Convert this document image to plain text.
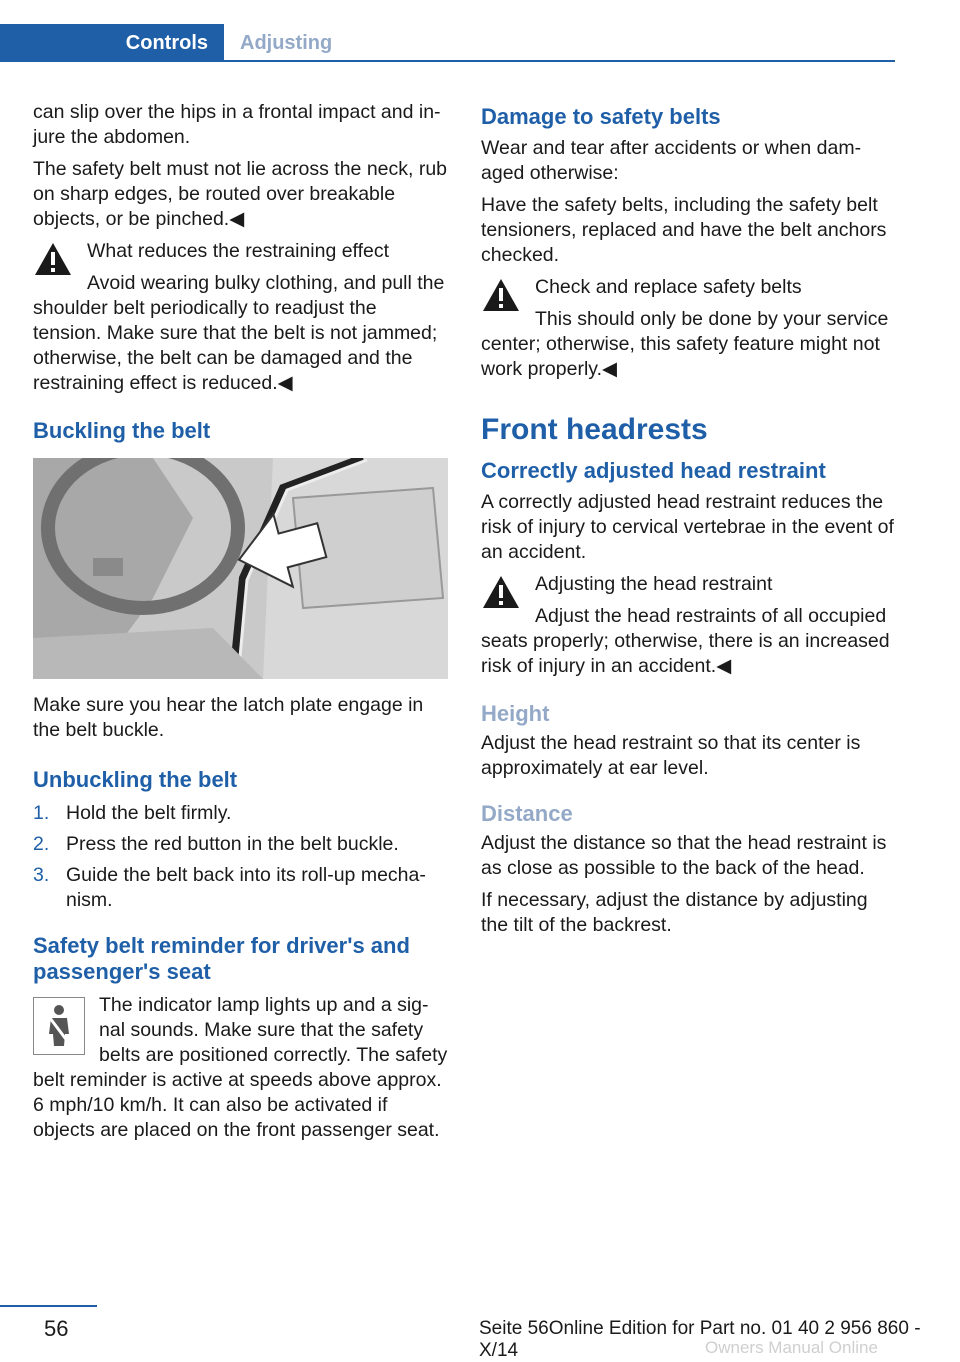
Controls	Adjusting

can slip over the hips in a frontal impact and in‐jure the abdomen.

The safety belt must not lie across the neck, rub on sharp edges, be routed over breakable objects, or be pinched.◀

What reduces the restraining effect

Avoid wearing bulky clothing, and pull the shoulder belt periodically to readjust the tension. Make sure that the belt is not jammed; otherwise, the belt can be damaged and the restraining effect is reduced.◀

Buckling the belt

Make sure you hear the latch plate engage in the belt buckle.

Unbuckling the belt
1. Hold the belt firmly.
2. Press the red button in the belt buckle.
3. Guide the belt back into its roll-up mecha‐nism.
Safety belt reminder for driver's and passenger's seat

The indicator lamp lights up and a sig‐nal sounds. Make sure that the safety belts are positioned correctly. The safety belt reminder is active at speeds above approx. 6 mph/10 km/h. It can also be activated if objects are placed on the front passenger seat.

Damage to safety belts

Wear and tear after accidents or when dam‐aged otherwise:

Have the safety belts, including the safety belt tensioners, replaced and have the belt anchors checked.

Check and replace safety belts

This should only be done by your service center; otherwise, this safety feature might not work properly.◀

Front headrests
Correctly adjusted head restraint

A correctly adjusted head restraint reduces the risk of injury to cervical vertebrae in the event of an accident.

Adjusting the head restraint

Adjust the head restraints of all occupied seats properly; otherwise, there is an increased risk of injury in an accident.◀

Height

Adjust the head restraint so that its center is approximately at ear level.

Distance

Adjust the distance so that the head restraint is as close as possible to the back of the head.

If necessary, adjust the distance by adjusting the tilt of the backrest.

56	Seite 56Online Edition for Part no. 01 40 2 956 860 - X/14	Owners Manual Online
